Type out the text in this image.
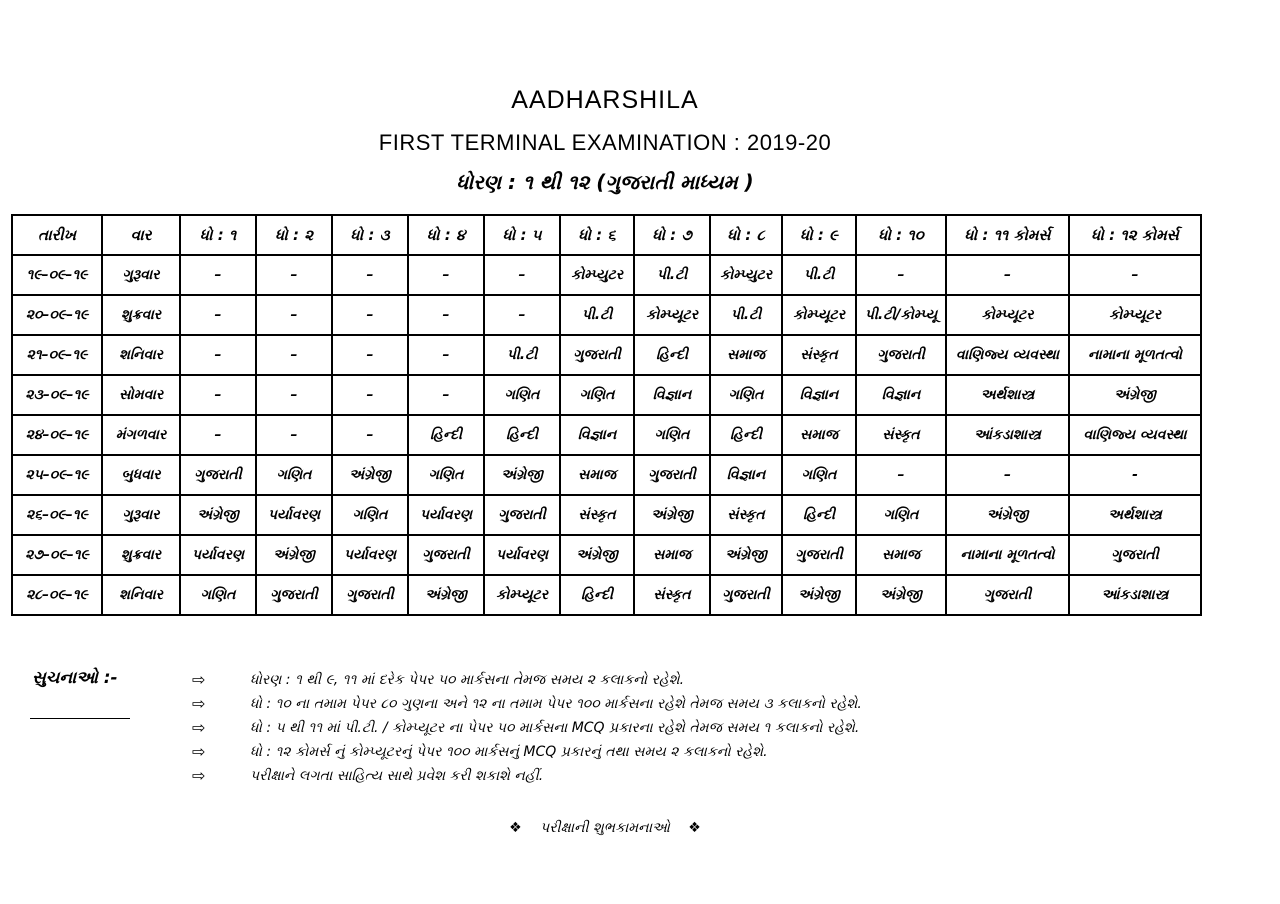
AADHARSHILA
FIRST TERMINAL EXAMINATION : 2019-20
ધોરણ : ૧ થી ૧૨ (ગુજરાતી માધ્યમ )
તારીખ	વાર	ધો : ૧	ધો : ૨	ધો : ૩	ધો : ૪	ધો : ૫	ધો : ૬	ધો : ૭	ધો : ૮	ધો : ૯	ધો : ૧૦	ધો : ૧૧ કોમર્સ	ધો : ૧૨ કોમર્સ
૧૯–૦૯–૧૯	ગુરૂવાર	–	–	–	–	–	કોમ્પ્યુટર	પી.ટી	કોમ્પ્યુટર	પી.ટી	–	–	–
૨૦–૦૯–૧૯	શુક્રવાર	–	–	–	–	–	પી.ટી	કોમ્પ્યૂટર	પી.ટી	કોમ્પ્યૂટર	પી.ટી/કોમ્પ્યૂ	કોમ્પ્યૂટર	કોમ્પ્યૂટર
૨૧–૦૯–૧૯	શનિવાર	–	–	–	–	પી.ટી	ગુજરાતી	હિન્દી	સમાજ	સંસ્કૃત	ગુજરાતી	વાણિજ્ય વ્યવસ્થા	નામાના મૂળતત્વો
૨૩–૦૯–૧૯	સોમવાર	–	–	–	–	ગણિત	ગણિત	વિજ્ઞાન	ગણિત	વિજ્ઞાન	વિજ્ઞાન	અર્થશાસ્ત્ર	અંગ્રેજી
૨૪–૦૯–૧૯	મંગળવાર	–	–	–	હિન્દી	હિન્દી	વિજ્ઞાન	ગણિત	હિન્દી	સમાજ	સંસ્કૃત	આંકડાશાસ્ત્ર	વાણિજ્ય વ્યવસ્થા
૨૫–૦૯–૧૯	બુધવાર	ગુજરાતી	ગણિત	અંગ્રેજી	ગણિત	અંગ્રેજી	સમાજ	ગુજરાતી	વિજ્ઞાન	ગણિત	–	–	-
૨૬–૦૯–૧૯	ગુરૂવાર	અંગ્રેજી	પર્યાવરણ	ગણિત	પર્યાવરણ	ગુજરાતી	સંસ્કૃત	અંગ્રેજી	સંસ્કૃત	હિન્દી	ગણિત	અંગ્રેજી	અર્થશાસ્ત્ર
૨૭–૦૯–૧૯	શુક્રવાર	પર્યાવરણ	અંગ્રેજી	પર્યાવરણ	ગુજરાતી	પર્યાવરણ	અંગ્રેજી	સમાજ	અંગ્રેજી	ગુજરાતી	સમાજ	નામાના મૂળતત્વો	ગુજરાતી
૨૮–૦૯–૧૯	શનિવાર	ગણિત	ગુજરાતી	ગુજરાતી	અંગ્રેજી	કોમ્પ્યૂટર	હિન્દી	સંસ્કૃત	ગુજરાતી	અંગ્રેજી	અંગ્રેજી	ગુજરાતી	આંકડાશાસ્ત્ર
સુચનાઓ :-	⇨	ધોરણ : ૧ થી ૯, ૧૧ માં દરેક પેપર ૫૦ માર્કસના તેમજ સમય ૨ કલાકનો રહેશે.
⇨	ધો : ૧૦ ના તમામ પેપર ૮૦ ગુણના અને ૧૨ ના તમામ પેપર ૧૦૦ માર્કસના રહેશે તેમજ સમય ૩ કલાકનો રહેશે.
⇨	ધો : ૫ થી ૧૧ માં પી.ટી. / કોમ્પ્યૂટર ના પેપર ૫૦ માર્કસના MCQ પ્રકારના રહેશે તેમજ સમય ૧ કલાકનો રહેશે.
⇨	ધો : ૧૨ કોમર્સ નું કોમ્પ્યૂટરનું પેપર ૧૦૦ માર્કસનું MCQ પ્રકારનું તથા સમય ૨ કલાકનો રહેશે.
⇨	પરીક્ષાને લગતા સાહિત્ય સાથે પ્રવેશ કરી શકાશે નહીં.
❖ પરીક્ષાની શુભકામનાઓ ❖
